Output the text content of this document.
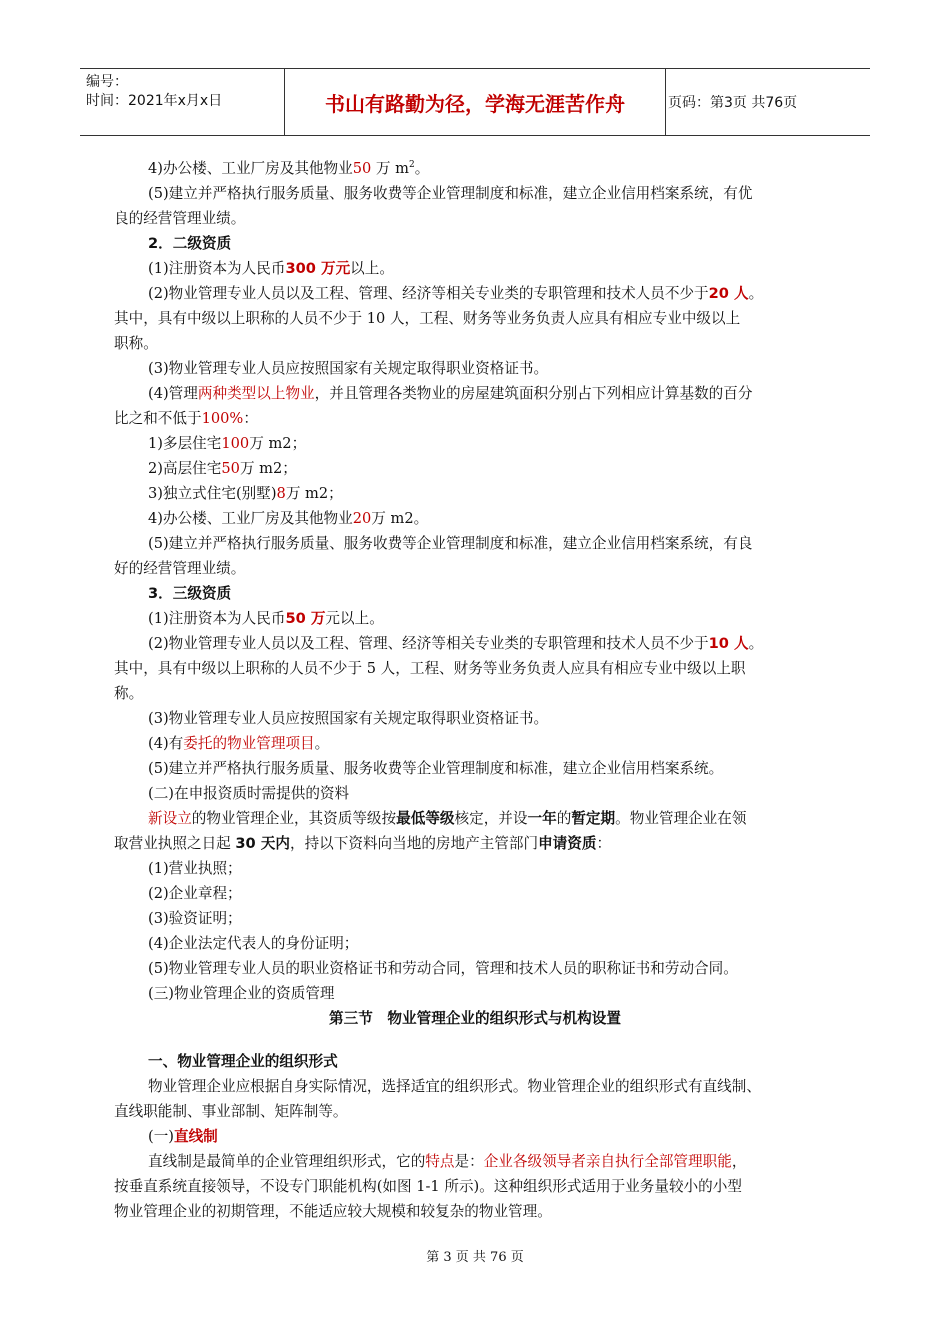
编号：
时间：2021年x月x日	书山有路勤为径，学海无涯苦作舟	页码：第3页 共76页
4)办公楼、工业厂房及其他物业50 万 $m^2$。
(5)建立并严格执行服务质量、服务收费等企业管理制度和标准，建立企业信用档案系统，有优
良的经营管理业绩。
2．二级资质
(1)注册资本为人民币300 万元以上。
(2)物业管理专业人员以及工程、管理、经济等相关专业类的专职管理和技术人员不少于20 人。
其中，具有中级以上职称的人员不少于 10 人，工程、财务等业务负责人应具有相应专业中级以上
职称。
(3)物业管理专业人员应按照国家有关规定取得职业资格证书。
(4)管理两种类型以上物业，并且管理各类物业的房屋建筑面积分别占下列相应计算基数的百分
比之和不低于100%：
1)多层住宅100万 m2；
2)高层住宅50万 m2；
3)独立式住宅(别墅)8万 m2；
4)办公楼、工业厂房及其他物业20万 m2。
(5)建立并严格执行服务质量、服务收费等企业管理制度和标准，建立企业信用档案系统，有良
好的经营管理业绩。
3．三级资质
(1)注册资本为人民币50 万元以上。
(2)物业管理专业人员以及工程、管理、经济等相关专业类的专职管理和技术人员不少于10 人。
其中，具有中级以上职称的人员不少于 5 人，工程、财务等业务负责人应具有相应专业中级以上职
称。
(3)物业管理专业人员应按照国家有关规定取得职业资格证书。
(4)有委托的物业管理项目。
(5)建立并严格执行服务质量、服务收费等企业管理制度和标准，建立企业信用档案系统。
(二)在申报资质时需提供的资料
新设立的物业管理企业，其资质等级按最低等级核定，并设一年的暂定期。物业管理企业在领
取营业执照之日起 30 天内，持以下资料向当地的房地产主管部门申请资质：
(1)营业执照；
(2)企业章程；
(3)验资证明；
(4)企业法定代表人的身份证明；
(5)物业管理专业人员的职业资格证书和劳动合同，管理和技术人员的职称证书和劳动合同。
(三)物业管理企业的资质管理
第三节　物业管理企业的组织形式与机构设置
一、物业管理企业的组织形式
物业管理企业应根据自身实际情况，选择适宜的组织形式。物业管理企业的组织形式有直线制、
直线职能制、事业部制、矩阵制等。
(一)直线制
直线制是最简单的企业管理组织形式，它的特点是：企业各级领导者亲自执行全部管理职能，
按垂直系统直接领导，不设专门职能机构(如图 1-1 所示)。这种组织形式适用于业务量较小的小型
物业管理企业的初期管理，不能适应较大规模和较复杂的物业管理。
第 3 页 共 76 页
